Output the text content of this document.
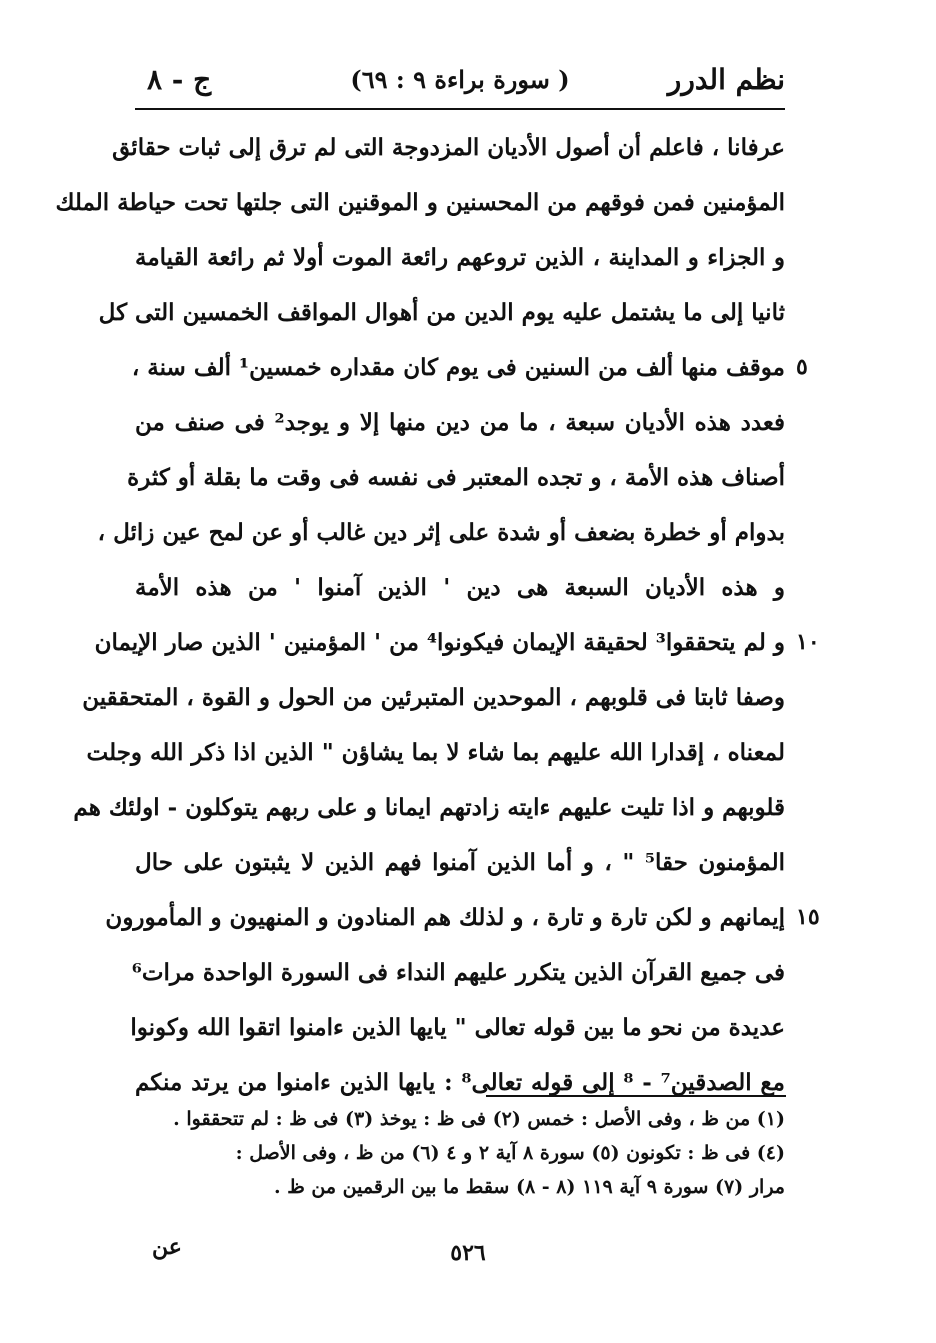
نظم الدرر
( سورة براءة ٩ : ٦٩)
ج - ٨
عرفانا ، فاعلم أن أصول الأديان المزدوجة التى لم ترق إلى ثبات حقائق
المؤمنين فمن فوقهم من المحسنين و الموقنين التى جلتها تحت حياطة الملك
و الجزاء و المداينة ، الذين تروعهم رائعة الموت أولا ثم رائعة القيامة
ثانيا إلى ما يشتمل عليه يوم الدين من أهوال المواقف الخمسين التى كل
موقف منها ألف من السنين فى يوم كان مقداره خمسين¹ ألف سنة ،
فعدد هذه الأديان سبعة ، ما من دين منها إلا و يوجد² فى صنف من
أصناف هذه الأمة ، و تجده المعتبر فى نفسه فى وقت ما بقلة أو كثرة
بدوام أو خطرة بضعف أو شدة على إثر دين غالب أو عن لمح عين زائل ،
و هذه الأديان السبعة هى دين ' الذين آمنوا ' من هذه الأمة
و لم يتحققوا³ لحقيقة الإيمان فيكونوا⁴ من ' المؤمنين ' الذين صار الإيمان
وصفا ثابتا فى قلوبهم ، الموحدين المتبرئين من الحول و القوة ، المتحققين
لمعناه ، إقدارا الله عليهم بما شاء لا بما يشاؤن " الذين اذا ذكر الله وجلت
قلوبهم و اذا تليت عليهم ءايته زادتهم ايمانا و على ربهم يتوكلون - اولئك هم
المؤمنون حقا⁵ " ، و أما الذين آمنوا فهم الذين لا يثبتون على حال
إيمانهم و لكن تارة و تارة ، و لذلك هم المنادون و المنهيون و المأمورون
فى جميع القرآن الذين يتكرر عليهم النداء فى السورة الواحدة مرات⁶
عديدة من نحو ما بين قوله تعالى " يايها الذين ءامنوا اتقوا الله وكونوا
مع الصدقين⁷ - ⁸ إلى قوله تعالى⁸ : يايها الذين ءامنوا من يرتد منكم
٥
١٠
١٥
(١) من ظ ، وفى الأصل : خمس (٢) فى ظ : يوخذ (٣) فى ظ : لم تتحققوا .
(٤) فى ظ : تكونون (٥) سورة ٨ آية ٢ و ٤ (٦) من ظ ، وفى الأصل :
مرار (٧) سورة ٩ آية ١١٩ (٨ - ٨) سقط ما بين الرقمين من ظ .
عن	٥٢٦
